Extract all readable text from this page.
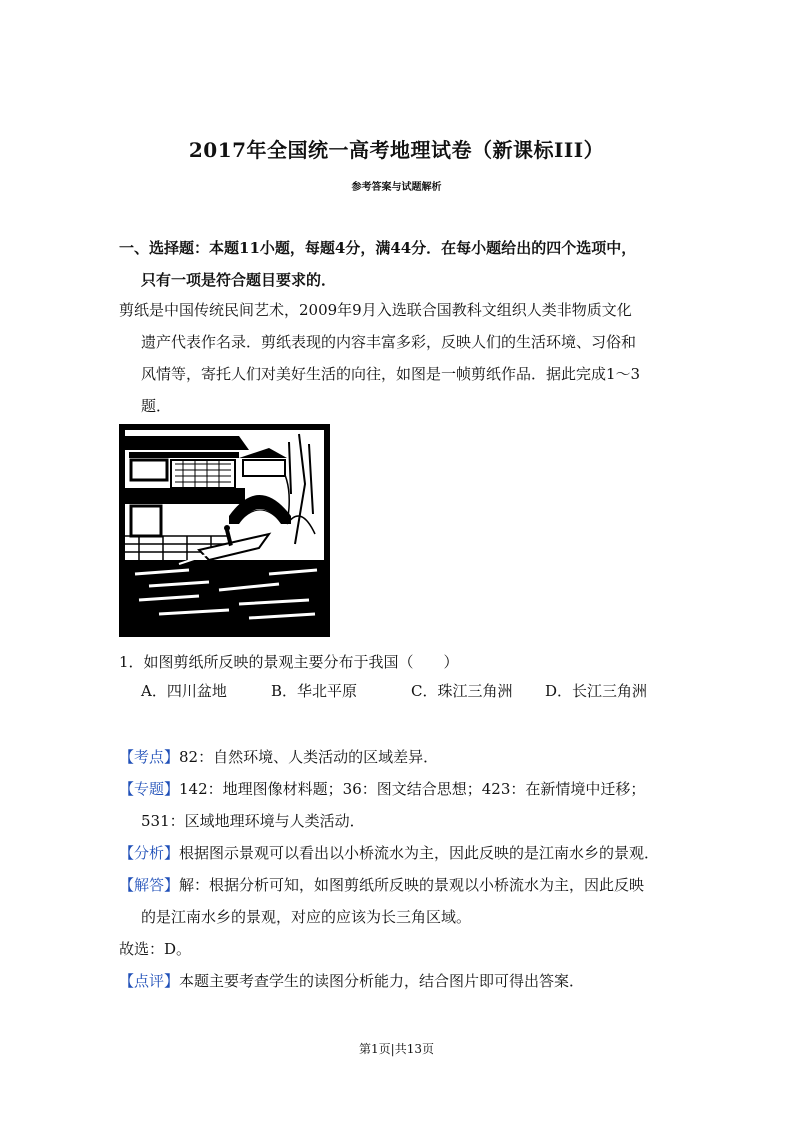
2017年全国统一高考地理试卷（新课标III）
参考答案与试题解析
一、选择题：本题11小题，每题4分，满44分．在每小题给出的四个选项中，
只有一项是符合题目要求的．
剪纸是中国传统民间艺术，2009年9月入选联合国教科文组织人类非物质文化
遗产代表作名录．剪纸表现的内容丰富多彩，反映人们的生活环境、习俗和
风情等，寄托人们对美好生活的向往，如图是一帧剪纸作品．据此完成1～3
题．
1．如图剪纸所反映的景观主要分布于我国（　　）
A．四川盆地	B．华北平原	C．珠江三角洲 D．长江三角洲
【考点】82：自然环境、人类活动的区域差异．
【专题】142：地理图像材料题；36：图文结合思想；423：在新情境中迁移；
531：区域地理环境与人类活动．
【分析】根据图示景观可以看出以小桥流水为主，因此反映的是江南水乡的景观．
【解答】解：根据分析可知，如图剪纸所反映的景观以小桥流水为主，因此反映
的是江南水乡的景观，对应的应该为长三角区域。
故选：D。
【点评】本题主要考查学生的读图分析能力，结合图片即可得出答案．
第1页|共13页
